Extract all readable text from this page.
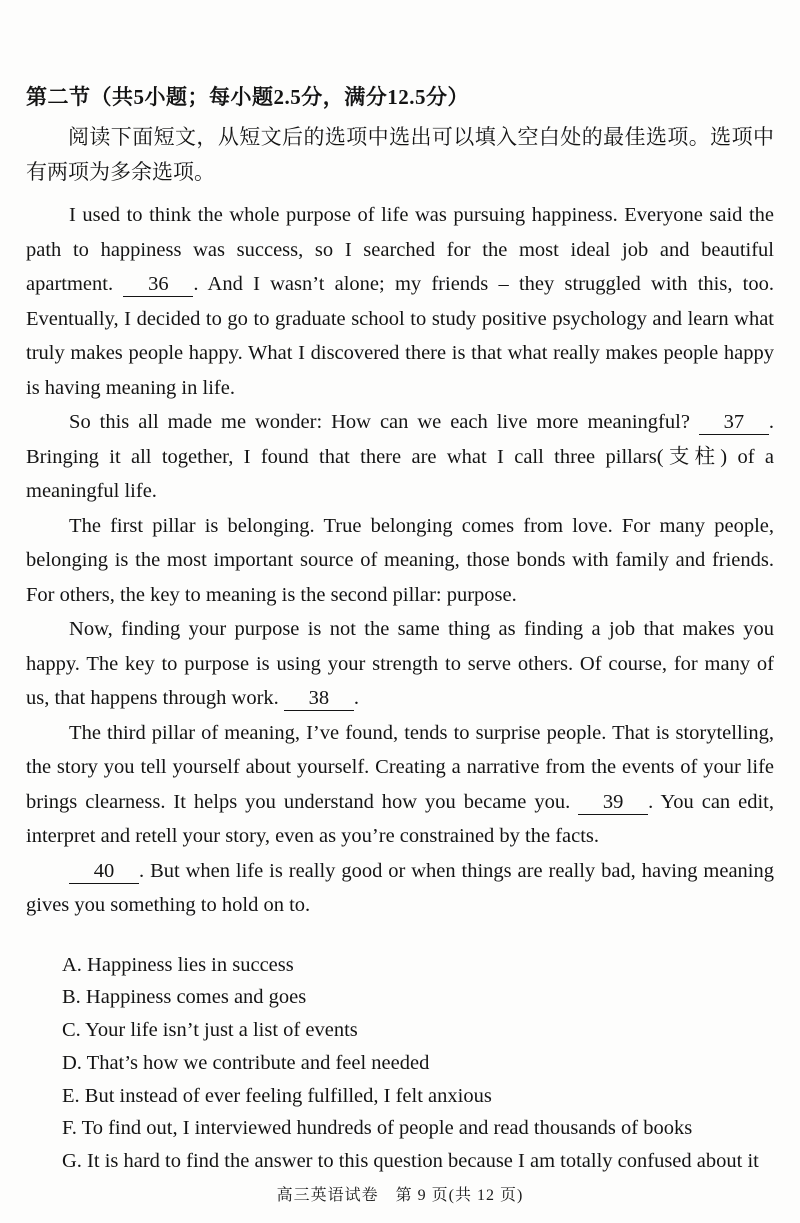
第二节（共5小题；每小题2.5分，满分12.5分）

阅读下面短文，从短文后的选项中选出可以填入空白处的最佳选项。选项中有两项为多余选项。

I used to think the whole purpose of life was pursuing happiness. Everyone said the path to happiness was success, so I searched for the most ideal job and beautiful apartment. 36 . And I wasn’t alone; my friends – they struggled with this, too. Eventually, I decided to go to graduate school to study positive psychology and learn what truly makes people happy. What I discovered there is that what really makes people happy is having meaning in life.

So this all made me wonder: How can we each live more meaningful? 37 . Bringing it all together, I found that there are what I call three pillars(支柱) of a meaningful life.

The first pillar is belonging. True belonging comes from love. For many people, belonging is the most important source of meaning, those bonds with family and friends. For others, the key to meaning is the second pillar: purpose.

Now, finding your purpose is not the same thing as finding a job that makes you happy. The key to purpose is using your strength to serve others. Of course, for many of us, that happens through work. 38 .

The third pillar of meaning, I’ve found, tends to surprise people. That is storytelling, the story you tell yourself about yourself. Creating a narrative from the events of your life brings clearness. It helps you understand how you became you. 39 . You can edit, interpret and retell your story, even as you’re constrained by the facts.

40 . But when life is really good or when things are really bad, having meaning gives you something to hold on to.

A. Happiness lies in success
B. Happiness comes and goes
C. Your life isn’t just a list of events
D. That’s how we contribute and feel needed
E. But instead of ever feeling fulfilled, I felt anxious
F. To find out, I interviewed hundreds of people and read thousands of books
G. It is hard to find the answer to this question because I am totally confused about it
高三英语试卷　第 9 页(共 12 页)
